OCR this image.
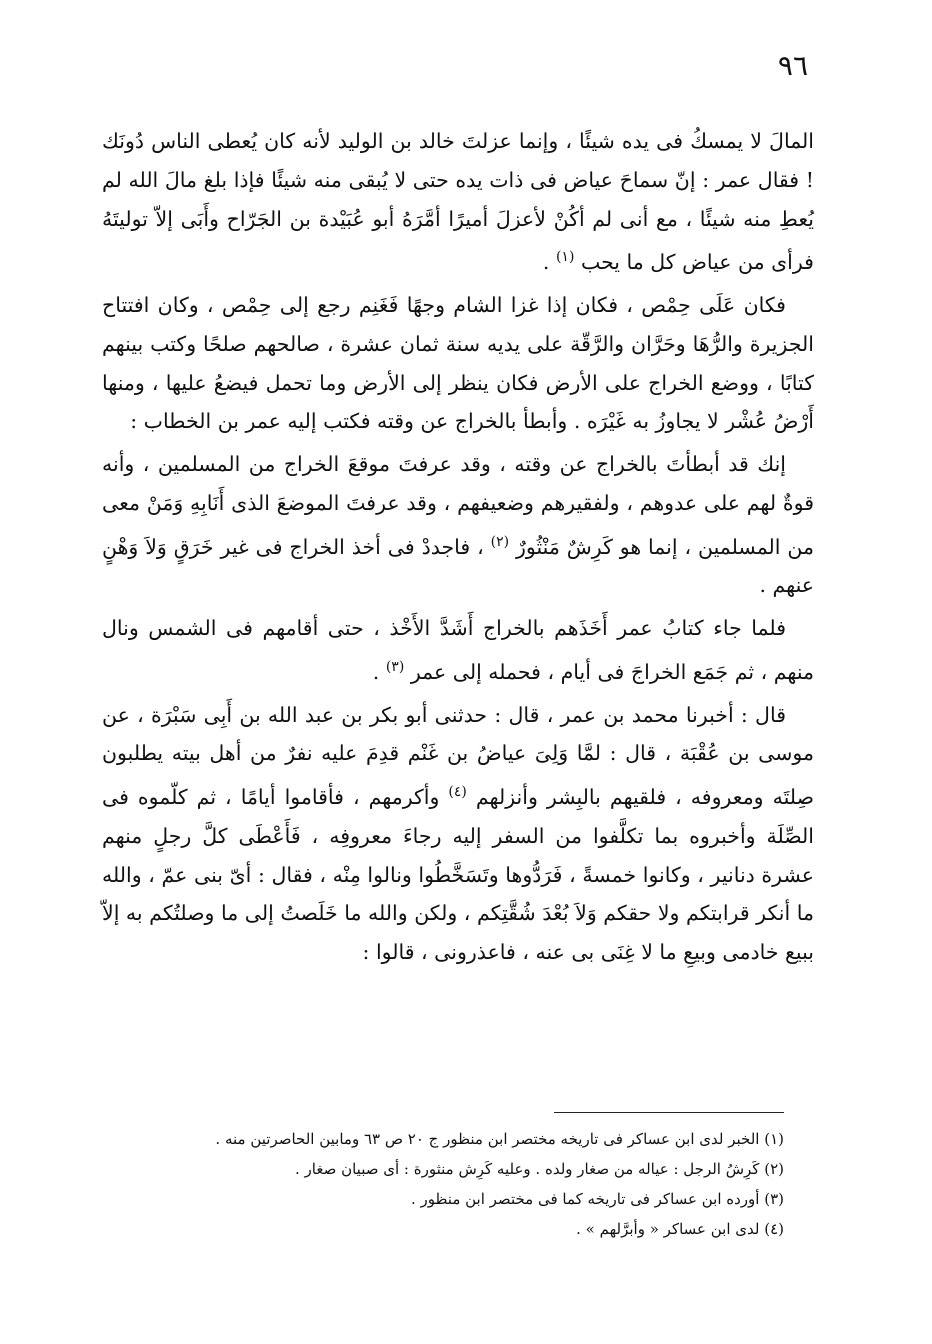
٩٦

المالَ لا يمسكُ فى يده شيئًا ، وإنما عزلتَ خالد بن الوليد لأنه كان يُعطى الناس دُونَك ! فقال عمر : إنّ سماحَ عياض فى ذات يده حتى لا يُبقى منه شيئًا فإذا بلغ مالَ الله لم يُعطِ منه شيئًا ، مع أنى لم أكُنْ لأعزلَ أميرًا أمَّرَهُ أبو عُبَيْدة بن الجَرّاح وأَبَى إلاّ توليتَهُ فرأى من عياض كل ما يحب $^{(١)}$ .

فكان عَلَى حِمْص ، فكان إذا غزا الشام وجهًا فَغَنِم رجع إلى حِمْص ، وكان افتتاح الجزيرة والرُّهَا وحَرَّان والرَّقّة على يديه سنة ثمان عشرة ، صالحهم صلحًا وكتب بينهم كتابًا ، ووضع الخراج على الأرض فكان ينظر إلى الأرض وما تحمل فيضعُ عليها ، ومنها أَرْضُ عُشْر لا يجاوزُ به غَيْرَه . وأبطأ بالخراج عن وقته فكتب إليه عمر بن الخطاب :

إنك قد أبطأتَ بالخراج عن وقته ، وقد عرفتَ موقعَ الخراج من المسلمين ، وأنه قوةٌ لهم على عدوهم ، ولفقيرهم وضعيفهم ، وقد عرفتَ الموضعَ الذى أَنَابِهِ وَمَنْ معى من المسلمين ، إنما هو كَرِشٌ مَنْثُورٌ $^{(٢)}$ ، فاجددْ فى أخذ الخراج فى غير خَرَقٍ وَلاَ وَهْنٍ عنهم .

فلما جاء كتابُ عمر أَخَذَهم بالخراج أَشَدَّ الأَخْذ ، حتى أقامهم فى الشمس ونال منهم ، ثم جَمَع الخراجَ فى أيام ، فحمله إلى عمر $^{(٣)}$ .

قال : أخبرنا محمد بن عمر ، قال : حدثنى أبو بكر بن عبد الله بن أَبِى سَبْرَة ، عن موسى بن عُقْبَة ، قال : لمَّا وَلِىَ عياضُ بن غَنْم قدِمَ عليه نفرٌ من أهل بيته يطلبون صِلتَه ومعروفه ، فلقيهم بالبِشر وأنزلهم $^{(٤)}$ وأكرمهم ، فأقاموا أيامًا ، ثم كلّموه فى الصِّلَة وأخبروه بما تكلَّفوا من السفر إليه رجاءَ معروفِه ، فَأَعْطَى كلَّ رجلٍ منهم عشرة دنانير ، وكانوا خمسةً ، فَرَدُّوها وتَسَخَّطُوا ونالوا مِنْه ، فقال : أىّ بنى عمّ ، والله ما أنكر قرابتكم ولا حقكم وَلاَ بُعْدَ شُقَّتِكم ، ولكن والله ما خَلَصتُ إلى ما وصلتُكم به إلاّ ببيع خادمى وبيعِ ما لا غِنَى بى عنه ، فاعذرونى ، قالوا :

(١) الخبر لدى ابن عساكر فى تاريخه مختصر ابن منظور ج ٢٠ ص ٦٣ ومابين الحاصرتين منه .

(٢) كَرِشُ الرجل : عياله من صغار ولده . وعليه كَرِش منثورة : أى صبيان صغار .

(٣) أورده ابن عساكر فى تاريخه كما فى مختصر ابن منظور .

(٤) لدى ابن عساكر « وأبرَّلهم » .
